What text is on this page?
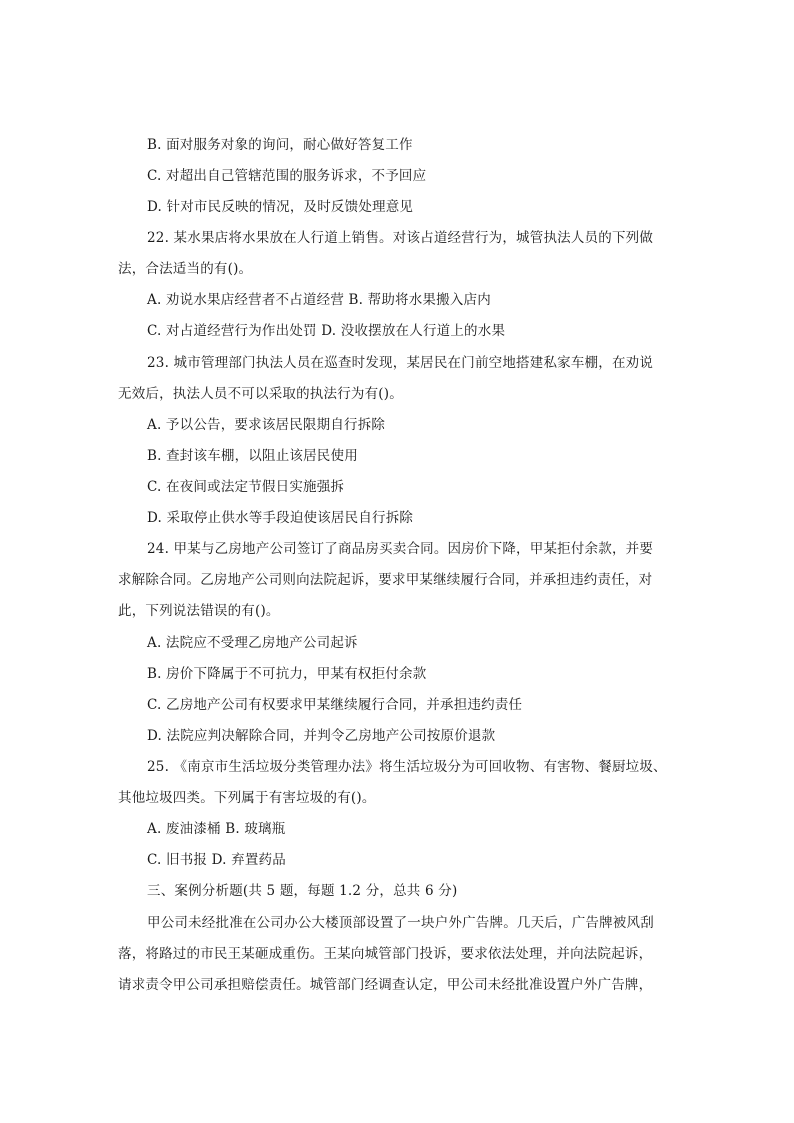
B. 面对服务对象的询问，耐心做好答复工作
C. 对超出自己管辖范围的服务诉求，不予回应
D. 针对市民反映的情况，及时反馈处理意见
22. 某水果店将水果放在人行道上销售。对该占道经营行为，城管执法人员的下列做
法，合法适当的有()。
A. 劝说水果店经营者不占道经营 B. 帮助将水果搬入店内
C. 对占道经营行为作出处罚 D. 没收摆放在人行道上的水果
23. 城市管理部门执法人员在巡查时发现，某居民在门前空地搭建私家车棚，在劝说
无效后，执法人员不可以采取的执法行为有()。
A. 予以公告，要求该居民限期自行拆除
B. 查封该车棚，以阻止该居民使用
C. 在夜间或法定节假日实施强拆
D. 采取停止供水等手段迫使该居民自行拆除
24. 甲某与乙房地产公司签订了商品房买卖合同。因房价下降，甲某拒付余款，并要
求解除合同。乙房地产公司则向法院起诉，要求甲某继续履行合同，并承担违约责任，对
此，下列说法错误的有()。
A. 法院应不受理乙房地产公司起诉
B. 房价下降属于不可抗力，甲某有权拒付余款
C. 乙房地产公司有权要求甲某继续履行合同，并承担违约责任
D. 法院应判决解除合同，并判令乙房地产公司按原价退款
25. 《南京市生活垃圾分类管理办法》将生活垃圾分为可回收物、有害物、餐厨垃圾、
其他垃圾四类。下列属于有害垃圾的有()。
A. 废油漆桶 B. 玻璃瓶
C. 旧书报 D. 弃置药品
三、案例分析题(共 5 题，每题 1.2 分，总共 6 分)
甲公司未经批准在公司办公大楼顶部设置了一块户外广告牌。几天后，广告牌被风刮
落，将路过的市民王某砸成重伤。王某向城管部门投诉，要求依法处理，并向法院起诉，
请求责令甲公司承担赔偿责任。城管部门经调查认定，甲公司未经批准设置户外广告牌，
